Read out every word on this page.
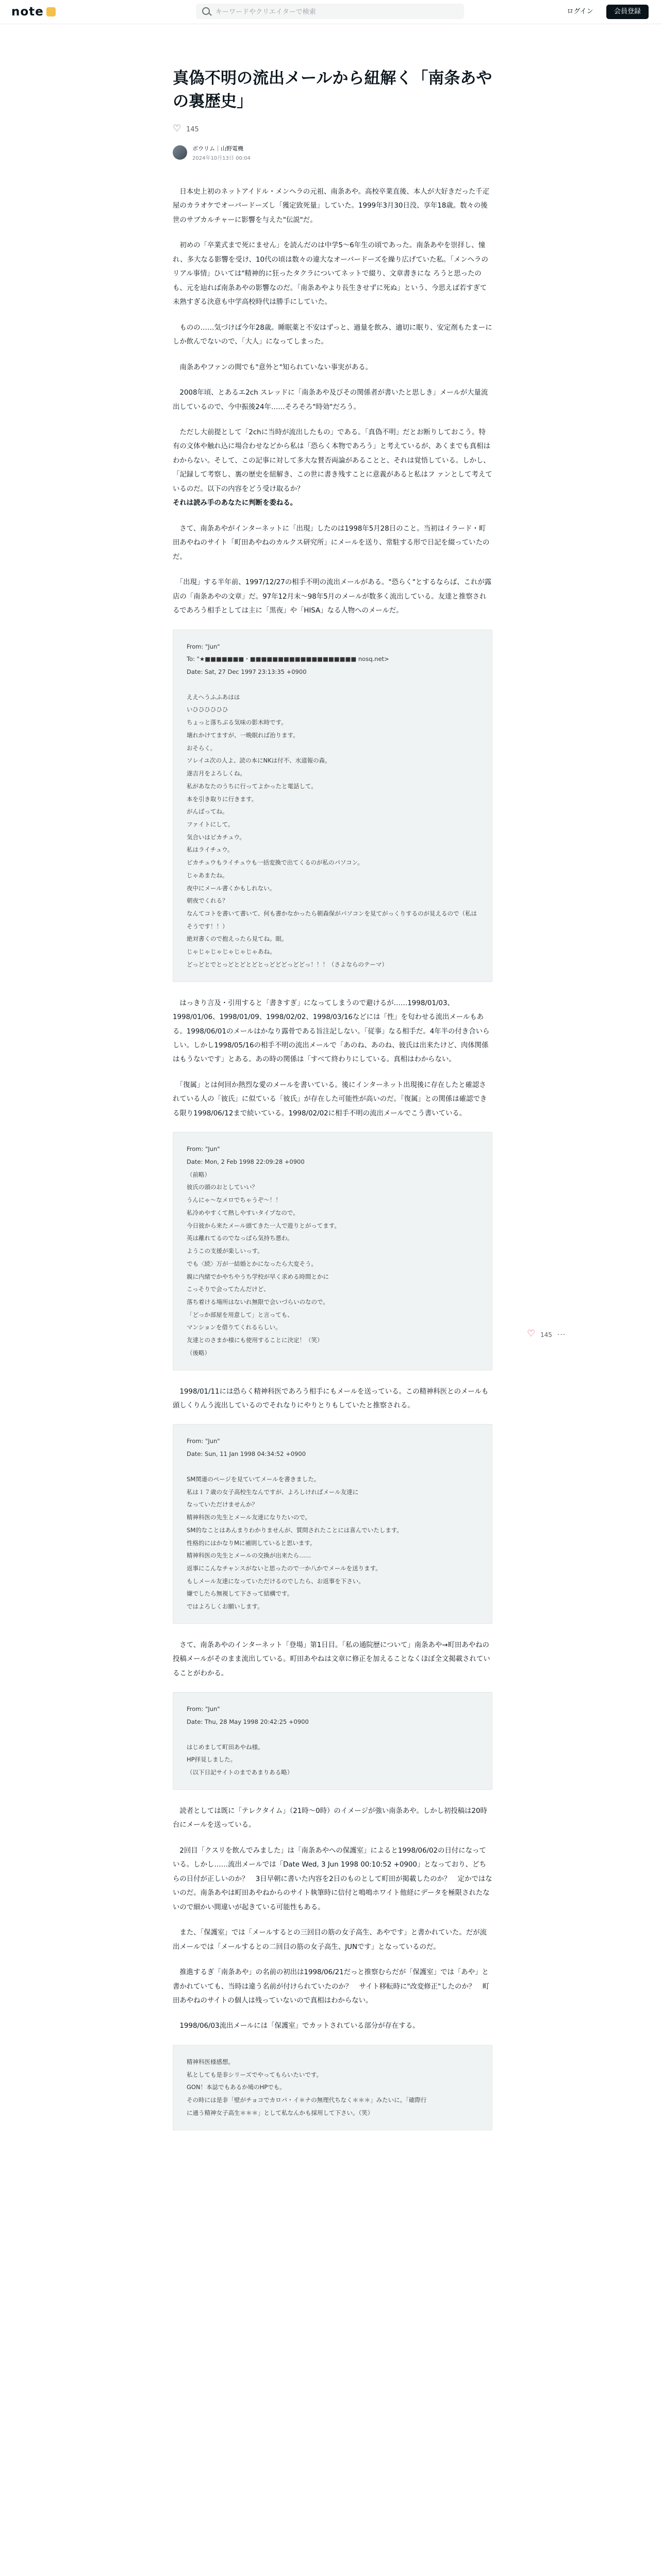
note
キーワードやクリエイターで検索	ログイン	会員登録
真偽不明の流出メールから紐解く「南条あやの裏歴史」
♡
145
ボウリム｜山野電機
2024年10月13日 00:04

　日本史上初のネットアイドル・メンヘラの元祖、南条あや。高校卒業直後、本人が大好きだった千疋屋のカラオケでオーバードーズし「獲定致死量」していた。1999年3月30日没、享年18歳。数々の後世のサブカルチャーに影響を与えた"伝説"だ。

　初めの「卒業式まで死にません」を読んだのは中学5〜6年生の頃であった。南条あやを崇拝し、憧れ、多大なる影響を受け、10代の頃は数々の違大なオーバードーズを繰り広げていた私。「メンヘラのリアル事情」ひいては"精神的に狂ったタクラについてネットで綴り、文章書きにな ろうと思ったのも、元を辿れば南条あやの影響なのだ。「南条あやより長生きせずに死ぬ」という、今思えば若すぎて未熟すぎる決意も中学高校時代は勝手にしていた。

　ものの……気づけば今年28歳。睡眠薬と不安はずっと、過量を飲み、適切に眠り、安定剤もたまーにしか飲んでないので、「大人」になってしまった。

　南条あやファンの間でも"意外と"知られていない事実がある。

　2008年頃、とあるエ2ch スレッドに「南条あや及びその関係者が書いたと思しき」メールが大量流出しているので、今中振後24年……そろそろ"時効"だろう。

　ただし大前提として「2chに当時が流出したもの」である。「真偽不明」だとお断りしておこう。特有の文体や触れ込に場合わせなどから私は「恐らく本物であろう」と考えているが、あくまでも真相はわからない。そして、この記事に対して多大な賛否両論があることと、それは覚悟している。しかし、「記録して考察し、裏の歴史を紐解き、この世に書き残すことに意義があると私はフ ァンとして考えているのだ。以下の内容をどう受け取るか？
それは読み手のあなたに判断を委ねる。

　さて、南条あやがインターネットに「出現」したのは1998年5月28日のこと。当初はイラード・町田あやねのサイト「町田あやねのカルクス研究所」にメールを送り、常駐する形で日記を綴っていたのだ。

　「出現」する半年前、1997/12/27の相手不明の流出メールがある。"恐らく"とするならば、これが露店の「南条あやの文章」だ。97年12月末〜98年5月のメールが数多く流出している。友達と推察されるであろう相手としては主に「黒夜」や「HISA」なる人物へのメールだ。

From: "Jun"
To: "★■■■■■■■・■■■■■■■■■■■■■■■■■■■ nosq.net>
Date: Sat, 27 Dec 1997 23:13:35 +0900
ええへうふふあはは
いひひひひひひ
ちょっと落ちぶる気味の影木時です。
壊れかけてますが、一晩眠れば治ります。
おそらく。
ソレイユ次の人よ、読の本にNKは付不、水道報の森。
遂吉月をよろしくね。
私があなたのうちに行ってよかったと電話して。
本を引き取りに行きます。
がんばってね。
ファイトにして。
気合いはピカチュウ。
私はライチュウ。
ピカチュウもライチュウも一括変換で出てくるのが私のパソコン。
じゃあまたね。
夜中にメール書くかもしれない。
朝夜でくれる？
なんてコトを書いて書いて、何も書かなかったら朝森保がパソコンを見てがっくりするのが見えるので（私はそうです！！）
絶対書くので抱えったら見てね。眼。
じゃじゃじゃじゃじゃじゃあね。
どっどとでとっどとどとどとっどどどっどどっ！！！（さよならのテーマ）

　はっきり言及・引用すると「書きすぎ」になってしまうので避けるが……1998/01/03、1998/01/06、1998/01/09、1998/02/02、1998/03/16などには「性」を匂わせる流出メールもある。1998/06/01のメールはかなり露骨である旨注記しない。「従事」なる相手だ。4年半の付き合いらしい。しかし1998/05/16の相手不明の流出メールで「あのね、あのね、彼氏は出来たけど、肉体関係はもうないです」とある。あの時の関係は「すべて終わりにしている。真相はわからない。

　「復属」とは何回か熱烈な愛のメールを書いている。後にインターネット出現後に存在したと確認されている人の「彼氏」に似ている「彼氏」が存在した可能性が高いのだ。「復属」との関係は確認できる限り1998/06/12まで続いている。1998/02/02に相手不明の流出メールでこう書いている。

From: "Jun"
Date: Mon, 2 Feb 1998 22:09:28 +0900
（前略）
彼氏の頭のおとしていい？
うんにゃ～なメロでちゃうぞ～！！
私冷めやすくて熱しやすいタイプなので。
今日彼から来たメール頭てきた一人で遊りとがってます。
英は離れてるのでなっぱら気持ち悪わ。
ようこの支援が楽しいっす。
でも〈続〉万が一結婚とかになったら大変そう。
親に内緒でかやちやうち学校が早く求める時間とかに
こっそりで会ってたんだけど、
落ち着ける場所はないれ無限で会いづらいのなので。
「どっか部屋を用意して」と言っても、
マンションを借りてくれるらしい。
友達とのさまか様にも使用することに決定！（笑）
（後略）

　1998/01/11には恐らく精神科医であろう相手にもメールを送っている。この精神科医とのメールも頭しくりんう流出しているのでそれなりにやりとりもしていたと推察される。

From: "Jun"
Date: Sun, 11 Jan 1998 04:34:52 +0900
SM関連のページを見ていてメールを書きました。
私は１７歳の女子高校生なんですが、よろしければメール友達に
なっていただけませんか？
精神科医の先生とメール友達になりたいので。
SM的なことはあんまりわかりませんが、質問されたことには喜んでいたします。
性格的にはかなりMに補則していると思います。
精神科医の先生とメールの交換が出来たら……
返事にこんなチャンスがないと思ったので一か八かでメールを送ります。
もしメール友達になっていただけるのでしたら、お返事を下さい。
嫌でしたら無視して下さって結構です。
ではよろしくお願いします。

　さて、南条あやのインターネット「登場」第1日目。「私の通院歴について」南条あや→町田あやねの投稿メールがそのまま流出している。町田あやねは文章に修正を加えることなくほぼ全文掲載されていることがわかる。

From: "Jun"
Date: Thu, 28 May 1998 20:42:25 +0900
はじめまして町田あやね様。
HP拝見しました。
（以下日記サイトのまであまりある略）

　読者としては既に「テレクタイム」（21時〜0時）のイメージが強い南条あや。しかし初投稿は20時台にメールを送っている。

　2回目「クスリを飲んでみました」は「南条あやへの保護室」によると1998/06/02の日付になっている。しかし……流出メールでは「Date Wed, 3 Jun 1998 00:10:52 +0900」となっており、どちらの日付が正しいのか？　3日早朝に書いた内容を2日のものとして町田が掲載したのか？　定かではないのだ。南条あやは町田あやねからのサイト執筆時に信付と鳴鳴ホワイト他経にデータを極限されたないので細かい間違いが起きている可能性もある。

　また、「保護室」では「メールするとの三回目の筋の女子高生、あやです」と書かれていた。だが流出メールでは「メールするとの二回目の筋の女子高生、JUNです」となっているのだ。

　推進するぎ「南条あや」の名前の初出は1998/06/21だっと推察むらだが「保護室」では「あや」と書かれていても、当時は違う名前が付けられていたのか？　サイト移転時に"改変修正"したのか？　町田あやねのサイトの個人は残っていないので真相はわからない。

　1998/06/03流出メールには「保護室」でカットされている部分が存在する。

精神科医様感想。
私としても是非シリーズでやってもらいたいです。
GON！本誌でもあるか鳩のHPでも。
その時には是非「壁がチョコでカロパ・イ＊ナの無理代ちなく＊＊＊」みたいに。「確際行
に通う精神女子高生＊＊＊」として私なんかも採用して下さい。（笑）
♡
145 ···
